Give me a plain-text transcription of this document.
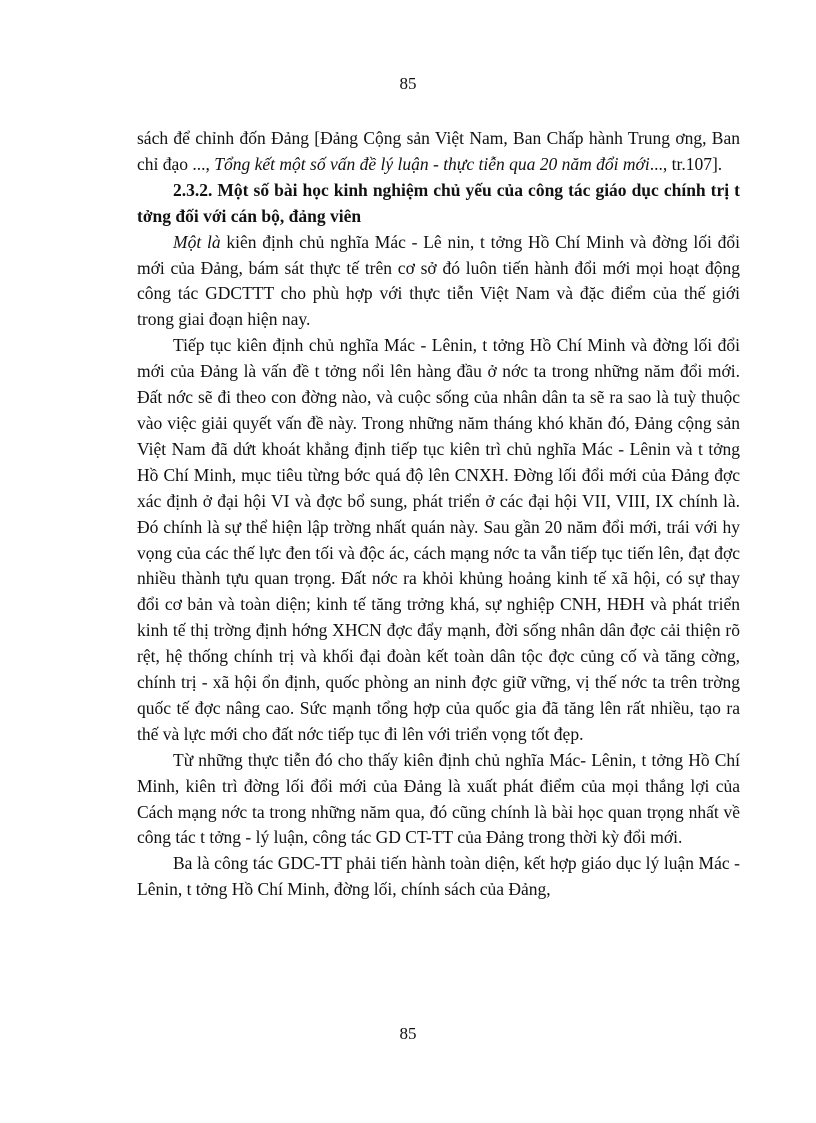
85

sách để chỉnh đốn Đảng [Đảng Cộng sản Việt Nam, Ban Chấp hành Trung ơng, Ban chỉ đạo ..., Tổng kết một số vấn đề lý luận - thực tiễn qua 20 năm đổi mới..., tr.107].

2.3.2. Một số bài học kinh nghiệm chủ yếu của công tác giáo dục chính trị t tởng đối với cán bộ, đảng viên

Một là kiên định chủ nghĩa Mác - Lê nin, t tởng Hồ Chí Minh và đờng lối đổi mới của Đảng, bám sát thực tế trên cơ sở đó luôn tiến hành đổi mới mọi hoạt động công tác GDCTTT cho phù hợp với thực tiễn Việt Nam và đặc điểm của thế giới trong giai đoạn hiện nay.

Tiếp tục kiên định chủ nghĩa Mác - Lênin, t tởng Hồ Chí Minh và đờng lối đổi mới của Đảng là vấn đề t tởng nổi lên hàng đầu ở nớc ta trong những năm đổi mới. Đất nớc sẽ đi theo con đờng nào, và cuộc sống của nhân dân ta sẽ ra sao là tuỳ thuộc vào việc giải quyết vấn đề này. Trong những năm tháng khó khăn đó, Đảng cộng sản Việt Nam đã dứt khoát khẳng định tiếp tục kiên trì chủ nghĩa Mác - Lênin và t tởng Hồ Chí Minh, mục tiêu từng bớc quá độ lên CNXH. Đờng lối đổi mới của Đảng đợc xác định ở đại hội VI và đợc bổ sung, phát triển ở các đại hội VII, VIII, IX chính là. Đó chính là sự thể hiện lập trờng nhất quán này. Sau gần 20 năm đổi mới, trái với hy vọng của các thế lực đen tối và độc ác, cách mạng nớc ta vẫn tiếp tục tiến lên, đạt đợc nhiều thành tựu quan trọng. Đất nớc ra khỏi khủng hoảng kinh tế xã hội, có sự thay đổi cơ bản và toàn diện; kinh tế tăng trởng khá, sự nghiệp CNH, HĐH và phát triển kinh tế thị trờng định hớng XHCN đợc đẩy mạnh, đời sống nhân dân đợc cải thiện rõ rệt, hệ thống chính trị và khối đại đoàn kết toàn dân tộc đợc củng cố và tăng cờng, chính trị - xã hội ổn định, quốc phòng an ninh đợc giữ vững, vị thế nớc ta trên trờng quốc tế đợc nâng cao. Sức mạnh tổng hợp của quốc gia đã tăng lên rất nhiều, tạo ra thế và lực mới cho đất nớc tiếp tục đi lên với triển vọng tốt đẹp.

Từ những thực tiễn đó cho thấy kiên định chủ nghĩa Mác- Lênin, t tởng Hồ Chí Minh, kiên trì đờng lối đổi mới của Đảng là xuất phát điểm của mọi thắng lợi của Cách mạng nớc ta trong những năm qua, đó cũng chính là bài học quan trọng nhất về công tác t tởng - lý luận, công tác GD CT-TT của Đảng trong thời kỳ đổi mới.

Ba là công tác GDC-TT phải tiến hành toàn diện, kết hợp giáo dục lý luận Mác - Lênin, t tởng Hồ Chí Minh, đờng lối, chính sách của Đảng,

85
